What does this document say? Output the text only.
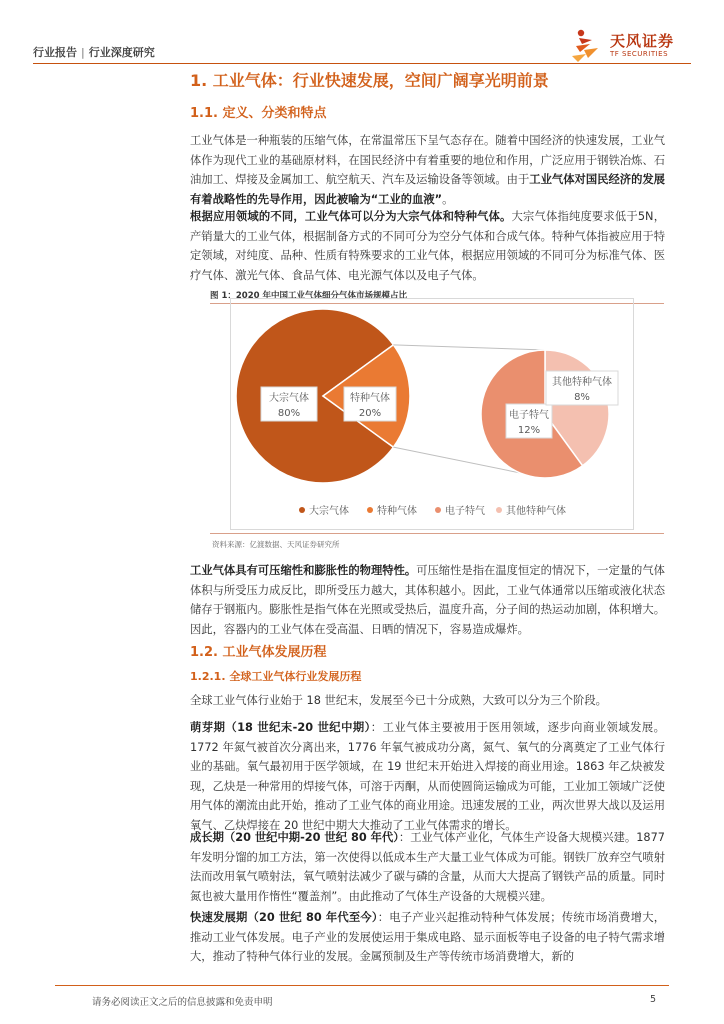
行业报告 | 行业深度研究
天风证券
TF SECURITIES
1. 工业气体：行业快速发展，空间广阔享光明前景
1.1. 定义、分类和特点
工业气体是一种瓶装的压缩气体，在常温常压下呈气态存在。随着中国经济的快速发展，工业气体作为现代工业的基础原材料，在国民经济中有着重要的地位和作用，广泛应用于钢铁冶炼、石油加工、焊接及金属加工、航空航天、汽车及运输设备等领域。由于工业气体对国民经济的发展有着战略性的先导作用，因此被喻为“工业的血液”。
根据应用领域的不同，工业气体可以分为大宗气体和特种气体。大宗气体指纯度要求低于5N，产销量大的工业气体，根据制备方式的不同可分为空分气体和合成气体。特种气体指被应用于特定领域，对纯度、品种、性质有特殊要求的工业气体，根据应用领域的不同可分为标准气体、医疗气体、激光气体、食品气体、电光源气体以及电子气体。
图 1：2020 年中国工业气体细分气体市场规模占比
大宗气体
80%
特种气体
20%	电子特气
12%
其他特种气体
8%
大宗气体	特种气体	电子特气 其他特种气体
资料来源：亿渡数据、天风证券研究所
工业气体具有可压缩性和膨胀性的物理特性。可压缩性是指在温度恒定的情况下，一定量的气体体积与所受压力成反比，即所受压力越大，其体积越小。因此，工业气体通常以压缩或液化状态储存于钢瓶内。膨胀性是指气体在光照或受热后，温度升高，分子间的热运动加剧，体积增大。因此，容器内的工业气体在受高温、日晒的情况下，容易造成爆炸。
1.2. 工业气体发展历程
1.2.1. 全球工业气体行业发展历程
全球工业气体行业始于 18 世纪末，发展至今已十分成熟，大致可以分为三个阶段。
萌芽期（18 世纪末-20 世纪中期）：工业气体主要被用于医用领域，逐步向商业领域发展。1772 年氮气被首次分离出来，1776 年氧气被成功分离，氮气、氧气的分离奠定了工业气体行业的基础。氧气最初用于医学领域，在 19 世纪末开始进入焊接的商业用途。1863 年乙炔被发现，乙炔是一种常用的焊接气体，可溶于丙酮，从而使圆筒运输成为可能，工业加工领域广泛使用气体的潮流由此开始，推动了工业气体的商业用途。迅速发展的工业，两次世界大战以及运用氧气、乙炔焊接在 20 世纪中期大大推动了工业气体需求的增长。
成长期（20 世纪中期-20 世纪 80 年代）：工业气体产业化，气体生产设备大规模兴建。1877 年发明分馏的加工方法，第一次使得以低成本生产大量工业气体成为可能。钢铁厂放弃空气喷射法而改用氧气喷射法，氧气喷射法减少了碳与磷的含量，从而大大提高了钢铁产品的质量。同时氮也被大量用作惰性“覆盖剂”。由此推动了气体生产设备的大规模兴建。
快速发展期（20 世纪 80 年代至今）：电子产业兴起推动特种气体发展；传统市场消费增大，推动工业气体发展。电子产业的发展使运用于集成电路、显示面板等电子设备的电子特气需求增大，推动了特种气体行业的发展。金属预制及生产等传统市场消费增大，新的
请务必阅读正文之后的信息披露和免责申明	5
